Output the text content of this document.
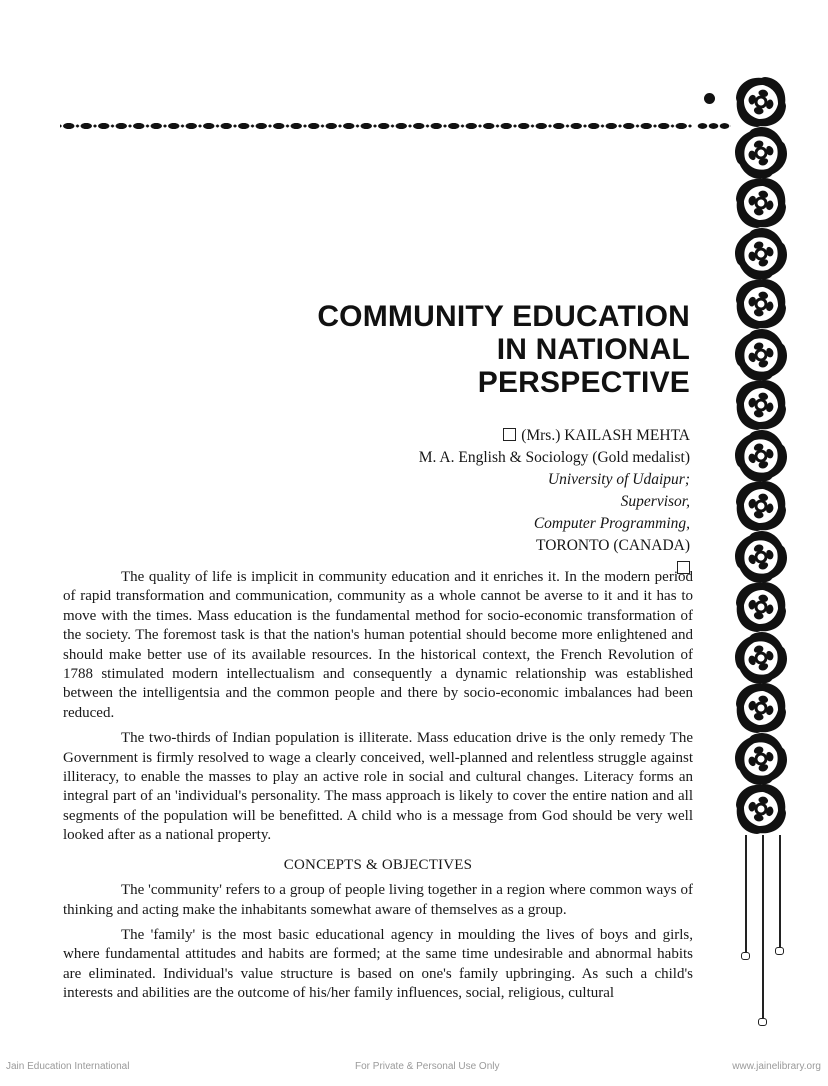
COMMUNITY EDUCATION
IN NATIONAL
PERSPECTIVE
(Mrs.) KAILASH MEHTA
M. A. English & Sociology (Gold medalist)
University of Udaipur;
Supervisor,
Computer Programming,
TORONTO (CANADA)

The quality of life is implicit in community education and it enriches it. In the modern period of rapid transformation and communication, community as a whole cannot be averse to it and it has to move with the times. Mass education is the fundamental method for socio-economic transformation of the society. The foremost task is that the nation's human potential should become more enlightened and should make better use of its available resources. In the historical context, the French Revolution of 1788 stimulated modern intellectualism and consequently a dynamic relationship was established between the intelligentsia and the common people and there by socio-economic imbalances had been reduced.

The two-thirds of Indian population is illiterate. Mass education drive is the only remedy The Government is firmly resolved to wage a clearly conceived, well-planned and relentless struggle against illiteracy, to enable the masses to play an active role in social and cultural changes. Literacy forms an integral part of an 'individual's personality. The mass approach is likely to cover the entire nation and all segments of the population will be benefitted. A child who is a message from God should be very well looked after as a national property.

CONCEPTS & OBJECTIVES

The 'community' refers to a group of people living together in a region where common ways of thinking and acting make the inhabitants somewhat aware of themselves as a group.

The 'family' is the most basic educational agency in moulding the lives of boys and girls, where fundamental attitudes and habits are formed; at the same time undesirable and abnormal habits are eliminated. Individual's value structure is based on one's family upbringing. As such a child's interests and abilities are the outcome of his/her family influences, social, religious, cultural

Jain Education International	For Private & Personal Use Only	www.jainelibrary.org
